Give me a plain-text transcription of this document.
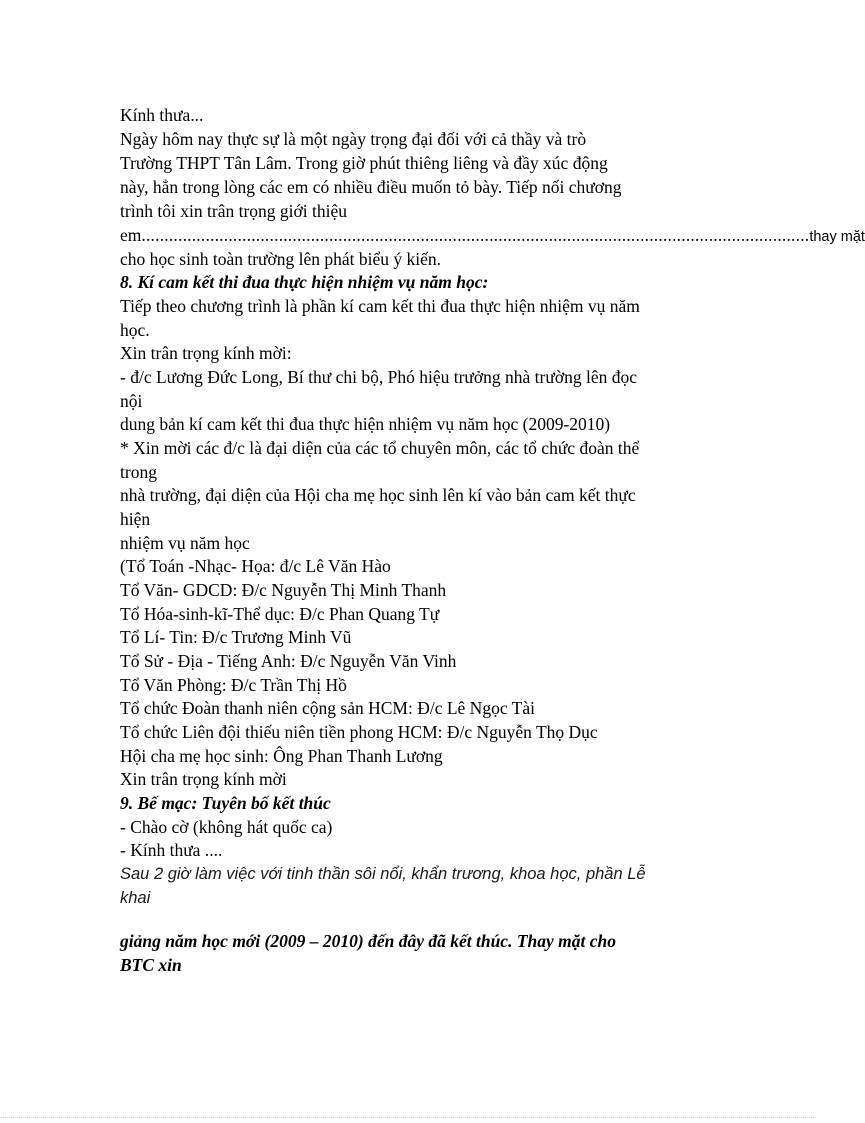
Kính thưa...
Ngày hôm nay thực sự là một ngày trọng đại đối với cả thầy và trò
Trường THPT Tân Lâm. Trong giờ phút thiêng liêng và đầy xúc động
này, hẳn trong lòng các em có nhiều điều muốn tỏ bày. Tiếp nối chương
trình tôi xin trân trọng giới thiệu
em .................................................................................................................................................. thay mặt
cho học sinh toàn trường lên phát biểu ý kiến.
8. Kí cam kết thi đua thực hiện nhiệm vụ năm học:
Tiếp theo chương trình là phần kí cam kết thi đua thực hiện nhiệm vụ năm
học.
Xin trân trọng kính mời:
- đ/c Lương Đức Long, Bí thư chi bộ, Phó hiệu trưởng nhà trường lên đọc
nội
dung bản kí cam kết thi đua thực hiện nhiệm vụ năm học (2009-2010)
* Xin mời các đ/c là đại diện của các tổ chuyên môn, các tổ chức đoàn thể
trong
nhà trường, đại diện của Hội cha mẹ học sinh lên kí vào bản cam kết thực
hiện
nhiệm vụ năm học
(Tổ Toán -Nhạc- Họa: đ/c Lê Văn Hào
Tổ Văn- GDCD: Đ/c Nguyễn Thị Minh Thanh
Tổ Hóa-sinh-kĩ-Thể dục: Đ/c Phan Quang Tự
Tổ Lí- Tin: Đ/c Trương Minh Vũ
Tổ Sử - Địa - Tiếng Anh: Đ/c Nguyễn Văn Vinh
Tổ Văn Phòng: Đ/c Trần Thị Hồ
Tổ chức Đoàn thanh niên cộng sản HCM: Đ/c Lê Ngọc Tài
Tổ chức Liên đội thiếu niên tiền phong HCM: Đ/c Nguyễn Thọ Dục
Hội cha mẹ học sinh: Ông Phan Thanh Lương
Xin trân trọng kính mời
9. Bế mạc: Tuyên bố kết thúc
- Chào cờ (không hát quốc ca)
- Kính thưa ....
Sau 2 giờ làm việc với tinh thần sôi nổi, khẩn trương, khoa học, phần Lễ
khai
giảng năm học mới (2009 – 2010) đến đây đã kết thúc. Thay mặt cho
BTC xin
